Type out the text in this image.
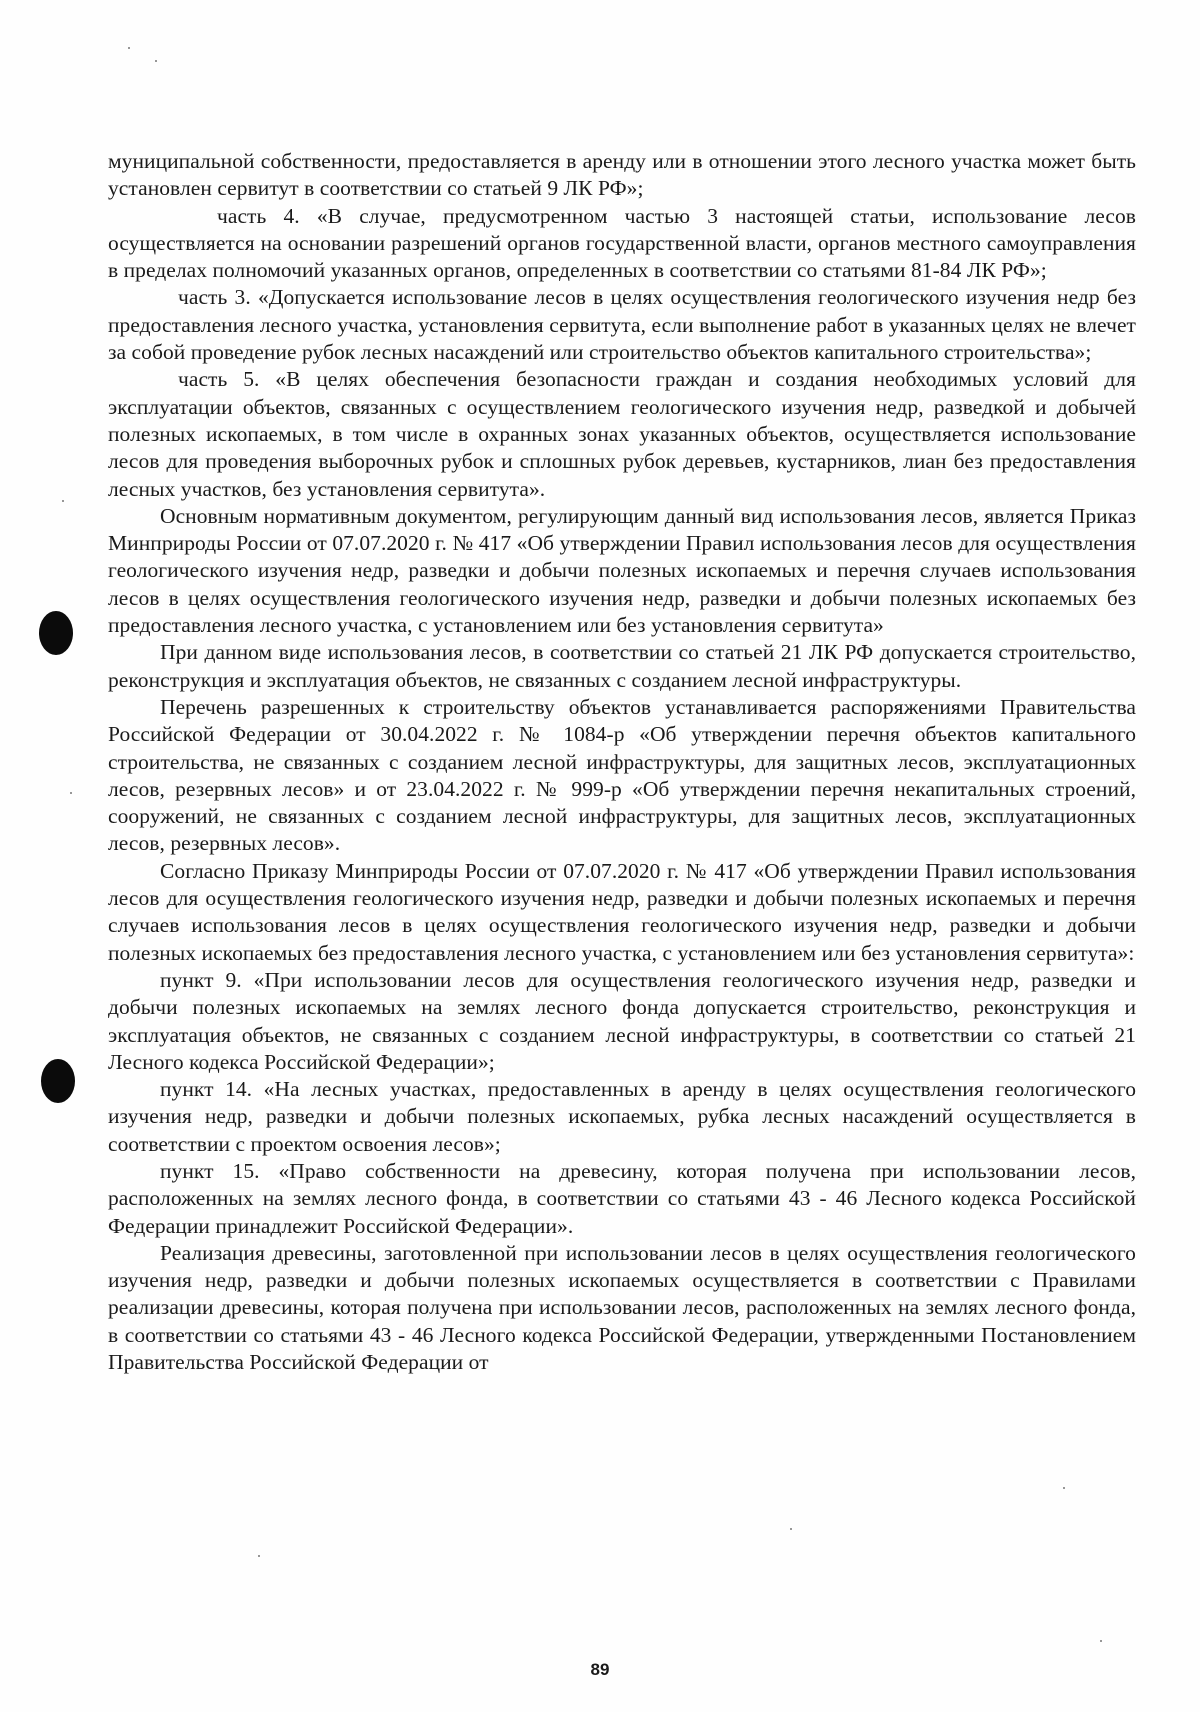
муниципальной собственности, предоставляется в аренду или в отношении этого лесного участка может быть установлен сервитут в соответствии со статьей 9 ЛК РФ»;

часть 4. «В случае, предусмотренном частью 3 настоящей статьи, использование лесов осуществляется на основании разрешений органов государственной власти, органов местного самоуправления в пределах полномочий указанных органов, определенных в соответствии со статьями 81-84 ЛК РФ»;

часть 3. «Допускается использование лесов в целях осуществления геологического изучения недр без предоставления лесного участка, установления сервитута, если выполнение работ в указанных целях не влечет за собой проведение рубок лесных насаждений или строительство объектов капитального строительства»;

часть 5. «В целях обеспечения безопасности граждан и создания необходимых условий для эксплуатации объектов, связанных с осуществлением геологического изучения недр, разведкой и добычей полезных ископаемых, в том числе в охранных зонах указанных объектов, осуществляется использование лесов для проведения выборочных рубок и сплошных рубок деревьев, кустарников, лиан без предоставления лесных участков, без установления сервитута».

Основным нормативным документом, регулирующим данный вид использования лесов, является Приказ Минприроды России от 07.07.2020 г. № 417 «Об утверждении Правил использования лесов для осуществления геологического изучения недр, разведки и добычи полезных ископаемых и перечня случаев использования лесов в целях осуществления геологического изучения недр, разведки и добычи полезных ископаемых без предоставления лесного участка, с установлением или без установления сервитута»

При данном виде использования лесов, в соответствии со статьей 21 ЛК РФ допускается строительство, реконструкция и эксплуатация объектов, не связанных с созданием лесной инфраструктуры.

Перечень разрешенных к строительству объектов устанавливается распоряжениями Правительства Российской Федерации от 30.04.2022 г. № 1084-р «Об утверждении перечня объектов капитального строительства, не связанных с созданием лесной инфраструктуры, для защитных лесов, эксплуатационных лесов, резервных лесов» и от 23.04.2022 г. № 999-р «Об утверждении перечня некапитальных строений, сооружений, не связанных с созданием лесной инфраструктуры, для защитных лесов, эксплуатационных лесов, резервных лесов».

Согласно Приказу Минприроды России от 07.07.2020 г. № 417 «Об утверждении Правил использования лесов для осуществления геологического изучения недр, разведки и добычи полезных ископаемых и перечня случаев использования лесов в целях осуществления геологического изучения недр, разведки и добычи полезных ископаемых без предоставления лесного участка, с установлением или без установления сервитута»:

пункт 9. «При использовании лесов для осуществления геологического изучения недр, разведки и добычи полезных ископаемых на землях лесного фонда допускается строительство, реконструкция и эксплуатация объектов, не связанных с созданием лесной инфраструктуры, в соответствии со статьей 21 Лесного кодекса Российской Федерации»;

пункт 14. «На лесных участках, предоставленных в аренду в целях осуществления геологического изучения недр, разведки и добычи полезных ископаемых, рубка лесных насаждений осуществляется в соответствии с проектом освоения лесов»;

пункт 15. «Право собственности на древесину, которая получена при использовании лесов, расположенных на землях лесного фонда, в соответствии со статьями 43 - 46 Лесного кодекса Российской Федерации принадлежит Российской Федерации».

Реализация древесины, заготовленной при использовании лесов в целях осуществления геологического изучения недр, разведки и добычи полезных ископаемых осуществляется в соответствии с Правилами реализации древесины, которая получена при использовании лесов, расположенных на землях лесного фонда, в соответствии со статьями 43 - 46 Лесного кодекса Российской Федерации, утвержденными Постановлением Правительства Российской Федерации от

89
